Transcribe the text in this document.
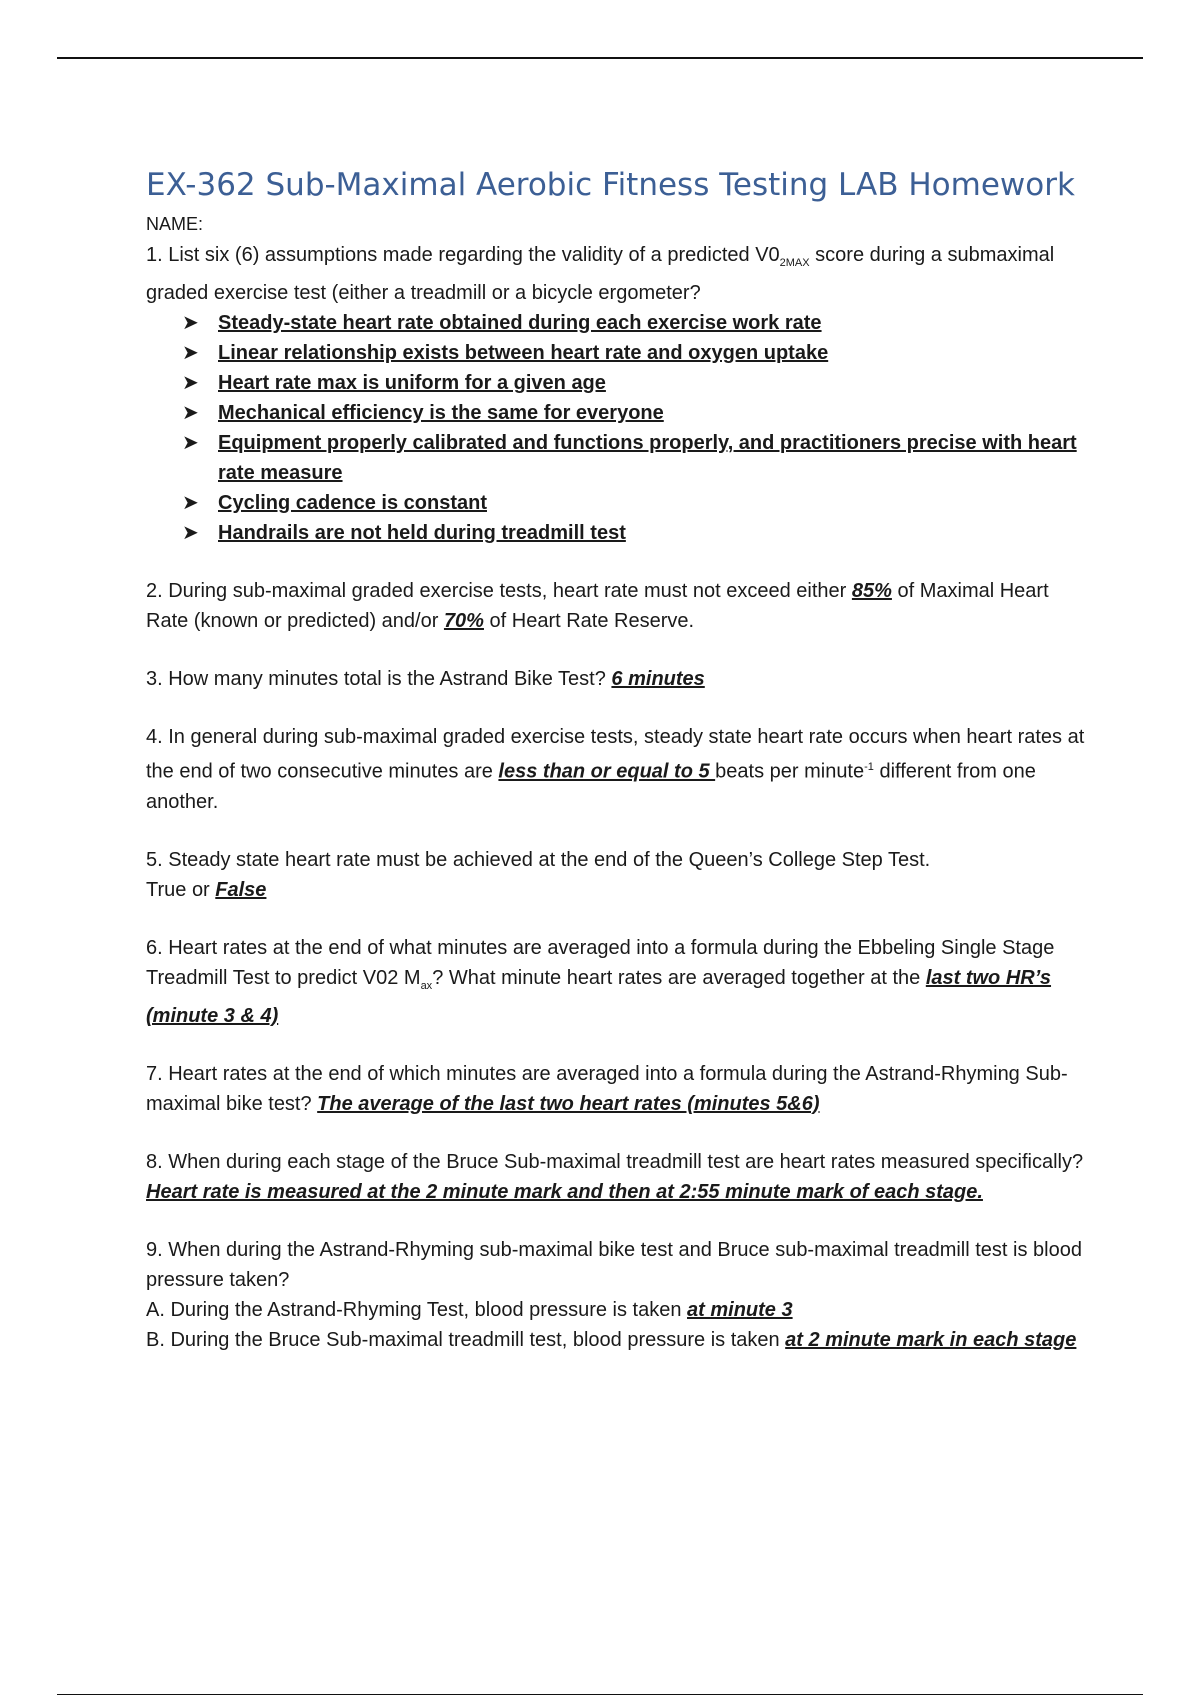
EX-362 Sub-Maximal Aerobic Fitness Testing LAB Homework

NAME:

1. List six (6) assumptions made regarding the validity of a predicted $V0_{2MAX}$ score during a submaximal graded exercise test (either a treadmill or a bicycle ergometer?

➤ Steady-state heart rate obtained during each exercise work rate
➤ Linear relationship exists between heart rate and oxygen uptake
➤ Heart rate max is uniform for a given age
➤ Mechanical efficiency is the same for everyone
➤ Equipment properly calibrated and functions properly, and practitioners precise with heart rate measure
➤ Cycling cadence is constant
➤ Handrails are not held during treadmill test

2. During sub-maximal graded exercise tests, heart rate must not exceed either 85% of Maximal Heart Rate (known or predicted) and/or 70% of Heart Rate Reserve.

3. How many minutes total is the Astrand Bike Test? 6 minutes

4. In general during sub-maximal graded exercise tests, steady state heart rate occurs when heart rates at the end of two consecutive minutes are less than or equal to 5 beats per minute$^{-1}$ different from one another.

5. Steady state heart rate must be achieved at the end of the Queen’s College Step Test.
True or False

6. Heart rates at the end of what minutes are averaged into a formula during the Ebbeling Single Stage Treadmill Test to predict V02 $M_{ax}$? What minute heart rates are averaged together at the last two HR’s (minute 3 & 4)

7. Heart rates at the end of which minutes are averaged into a formula during the Astrand-Rhyming Sub-maximal bike test? The average of the last two heart rates (minutes 5&6)

8. When during each stage of the Bruce Sub-maximal treadmill test are heart rates measured specifically? Heart rate is measured at the 2 minute mark and then at 2:55 minute mark of each stage.

9. When during the Astrand-Rhyming sub-maximal bike test and Bruce sub-maximal treadmill test is blood pressure taken?
A. During the Astrand-Rhyming Test, blood pressure is taken at minute 3
B. During the Bruce Sub-maximal treadmill test, blood pressure is taken at 2 minute mark in each stage
